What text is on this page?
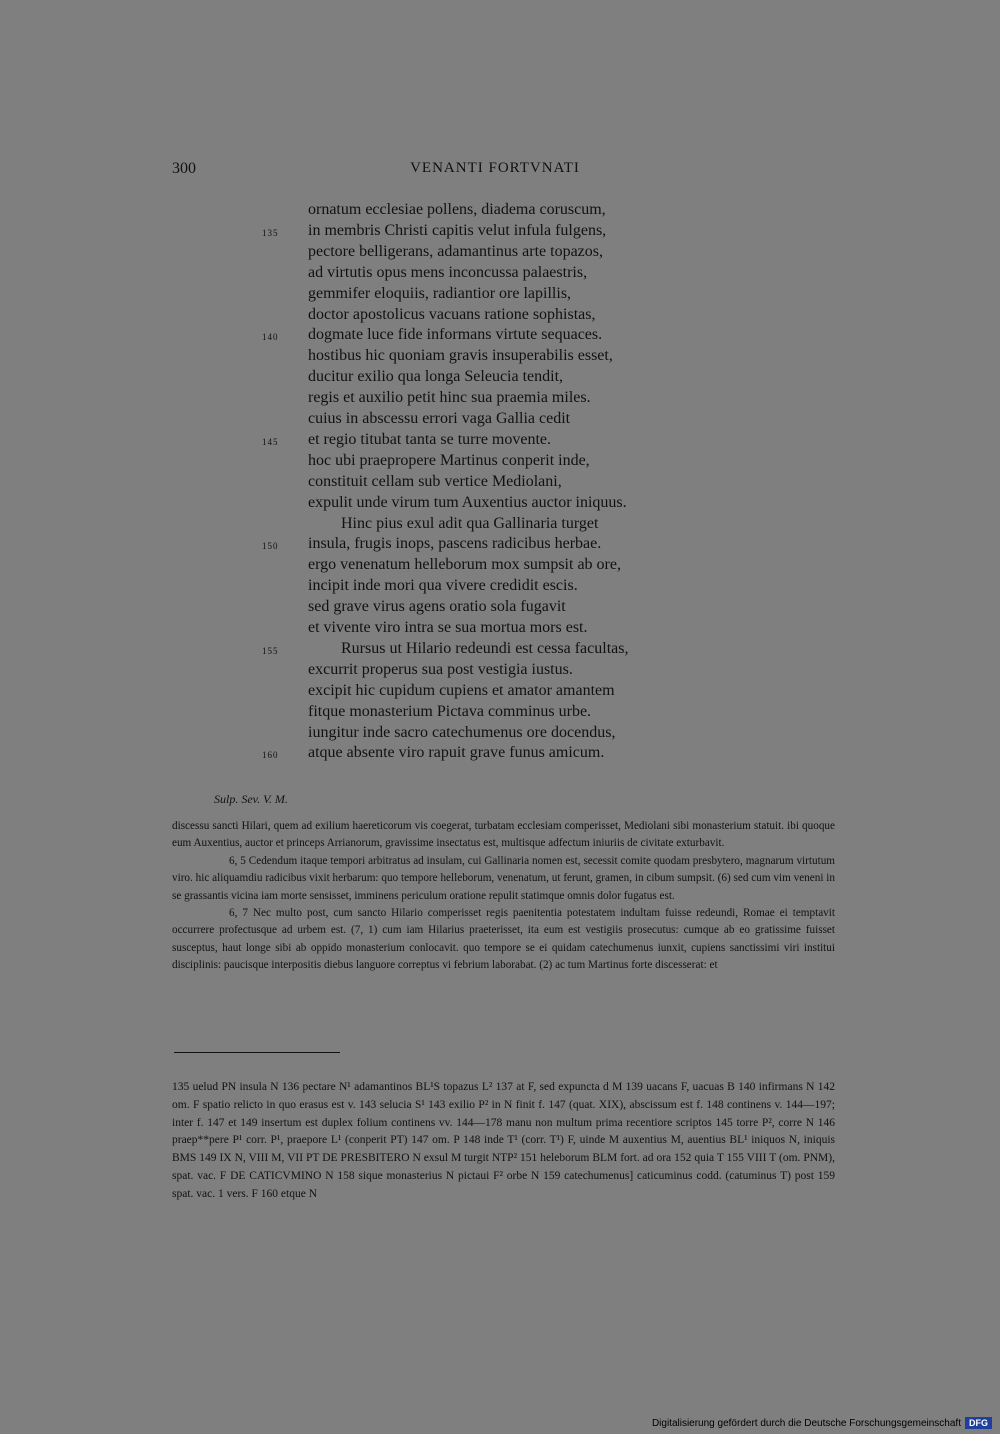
300	VENANTI FORTVNATI
ornatum ecclesiae pollens, diadema coruscum,
in membris Christi capitis velut infula fulgens,
135
pectore belligerans, adamantinus arte topazos,
ad virtutis opus mens inconcussa palaestris,
gemmifer eloquiis, radiantior ore lapillis,
doctor apostolicus vacuans ratione sophistas,
dogmate luce fide informans virtute sequaces.
140
hostibus hic quoniam gravis insuperabilis esset,
ducitur exilio qua longa Seleucia tendit,
regis et auxilio petit hinc sua praemia miles.
cuius in abscessu errori vaga Gallia cedit
et regio titubat tanta se turre movente.
145
hoc ubi praepropere Martinus conperit inde,
constituit cellam sub vertice Mediolani,
expulit unde virum tum Auxentius auctor iniquus.
Hinc pius exul adit qua Gallinaria turget
insula, frugis inops, pascens radicibus herbae.
150
ergo venenatum helleborum mox sumpsit ab ore,
incipit inde mori qua vivere credidit escis.
sed grave virus agens oratio sola fugavit
et vivente viro intra se sua mortua mors est.
Rursus ut Hilario redeundi est cessa facultas,
155
excurrit properus sua post vestigia iustus.
excipit hic cupidum cupiens et amator amantem
fitque monasterium Pictava comminus urbe.
iungitur inde sacro catechumenus ore docendus,
atque absente viro rapuit grave funus amicum.
160
Sulp. Sev. V. M.

discessu sancti Hilari, quem ad exilium haereticorum vis coegerat, turbatam ecclesiam comperisset, Mediolani sibi monasterium statuit. ibi quoque eum Auxentius, auctor et princeps Arrianorum, gravissime insectatus est, multisque adfectum iniuriis de civitate exturbavit.

6, 5 Cedendum itaque tempori arbitratus ad insulam, cui Gallinaria nomen est, secessit comite quodam presbytero, magnarum virtutum viro. hic aliquamdiu radicibus vixit herbarum: quo tempore helleborum, venenatum, ut ferunt, gramen, in cibum sumpsit. (6) sed cum vim veneni in se grassantis vicina iam morte sensisset, imminens periculum oratione repulit statimque omnis dolor fugatus est.

6, 7 Nec multo post, cum sancto Hilario comperisset regis paenitentia potestatem indultam fuisse redeundi, Romae ei temptavit occurrere profectusque ad urbem est. (7, 1) cum iam Hilarius praeterisset, ita eum est vestigiis prosecutus: cumque ab eo gratissime fuisset susceptus, haut longe sibi ab oppido monasterium conlocavit. quo tempore se ei quidam catechumenus iunxit, cupiens sanctissimi viri institui disciplinis: paucisque interpositis diebus languore correptus vi febrium laborabat. (2) ac tum Martinus forte discesserat: et

135 uelud PN insula N 136 pectare N¹ adamantinos BL¹S topazus L² 137 at F, sed expuncta d M 139 uacans F, uacuas B 140 infirmans N 142 om. F spatio relicto in quo erasus est v. 143 selucia S¹ 143 exilio P² in N finit f. 147 (quat. XIX), abscissum est f. 148 continens v. 144—197; inter f. 147 et 149 insertum est duplex folium continens vv. 144—178 manu non multum prima recentiore scriptos 145 torre P², corre N 146 praep**pere P¹ corr. P¹, praepore L¹ (conperit PT) 147 om. P 148 inde T¹ (corr. T¹) F, uinde M auxentius M, auentius BL¹ iniquos N, iniquis BMS 149 IX N, VIII M, VII PT DE PRESBITERO N exsul M turgit NTP² 151 heleborum BLM fort. ad ora 152 quia T 155 VIII T (om. PNM), spat. vac. F DE CATICVMINO N 158 sique monasterius N pictaui F² orbe N 159 catechumenus] caticuminus codd. (catuminus T) post 159 spat. vac. 1 vers. F 160 etque N
Digitalisierung gefördert durch die Deutsche Forschungsgemeinschaft DFG
